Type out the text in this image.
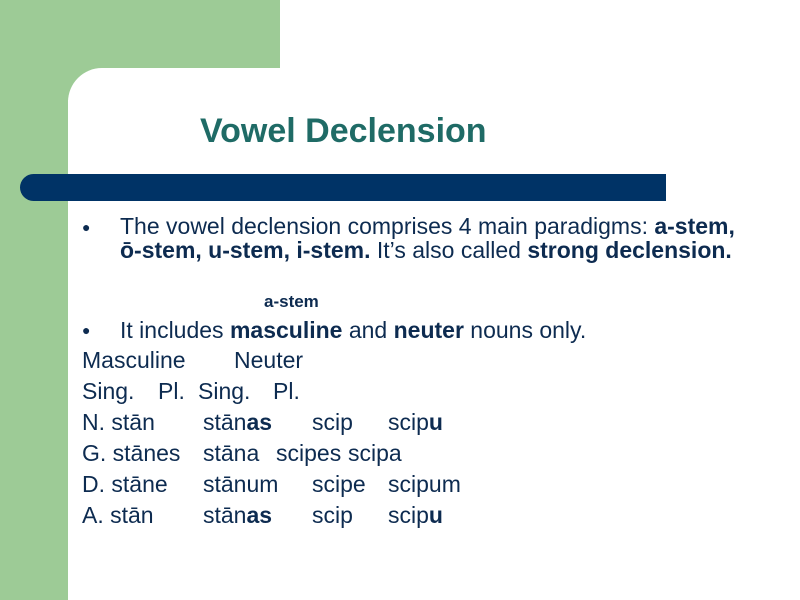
Vowel Declension
● The vowel declension comprises 4 main paradigms: a-stem, ō-stem, u-stem, i-stem. It’s also called strong declension.
a-stem
● It includes masculine and neuter nouns only.
Masculine Neuter
Sing. Pl. Sing. Pl.
N. stān stānas scip scipu
G. stānes stāna scipes scipa
D. stāne stānum scipe scipum
A. stān stānas scip scipu
